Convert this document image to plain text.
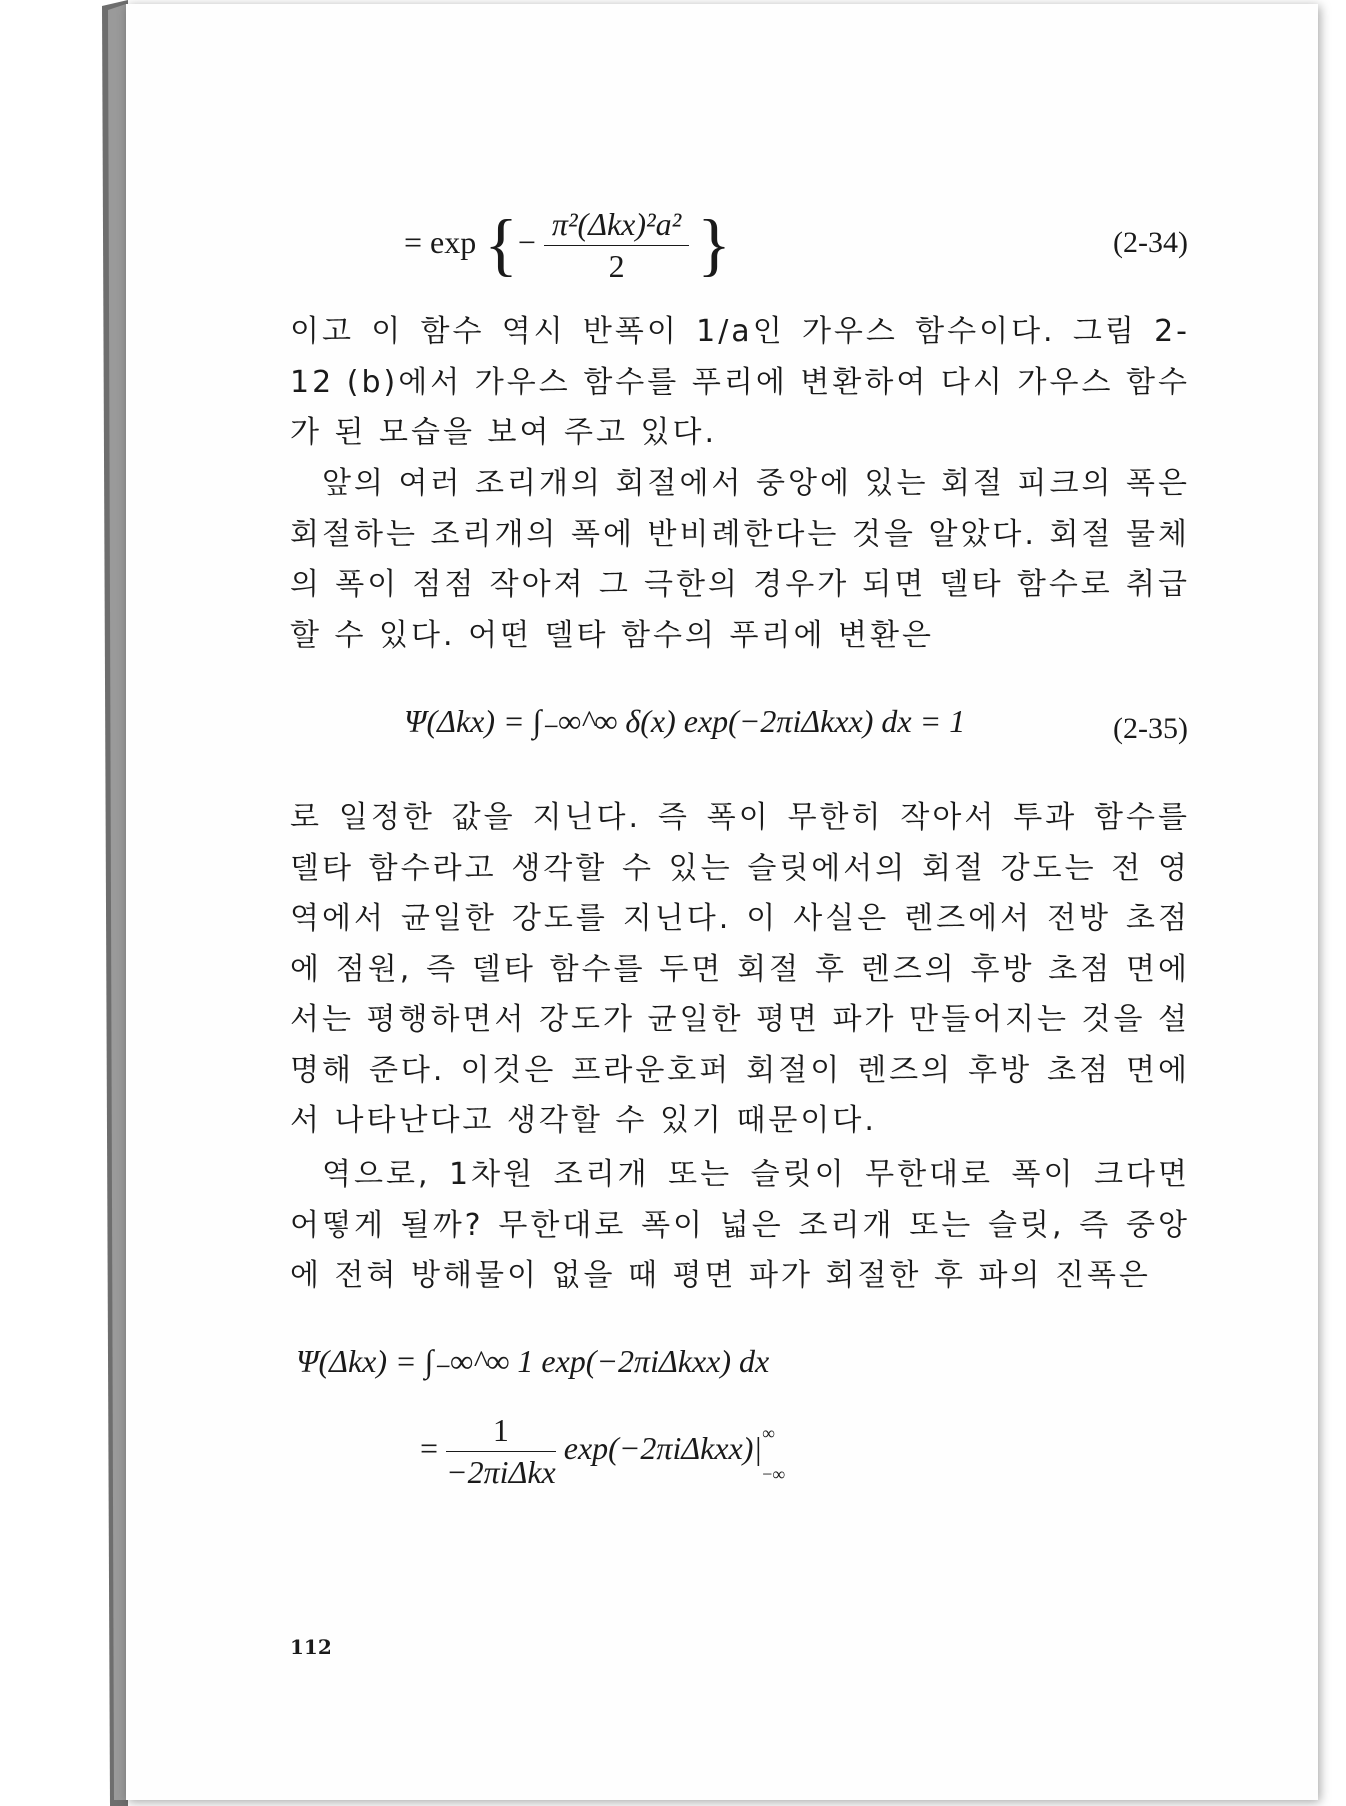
= exp {− $\frac{\text{π²(Δkx)²a²}}{2}$ }	(2-34)
이고 이 함수 역시 반폭이 1/a인 가우스 함수이다. 그림 2-12 (b)에서 가우스 함수를 푸리에 변환하여 다시 가우스 함수가 된 모습을 보여 주고 있다.
앞의 여러 조리개의 회절에서 중앙에 있는 회절 피크의 폭은 회절하는 조리개의 폭에 반비례한다는 것을 알았다. 회절 물체의 폭이 점점 작아져 그 극한의 경우가 되면 델타 함수로 취급할 수 있다. 어떤 델타 함수의 푸리에 변환은
Ψ(Δkx) = ∫₋∞^∞ δ(x) exp(−2πiΔkxx) dx = 1	(2-35)
로 일정한 값을 지닌다. 즉 폭이 무한히 작아서 투과 함수를 델타 함수라고 생각할 수 있는 슬릿에서의 회절 강도는 전 영역에서 균일한 강도를 지닌다. 이 사실은 렌즈에서 전방 초점에 점원, 즉 델타 함수를 두면 회절 후 렌즈의 후방 초점 면에서는 평행하면서 강도가 균일한 평면 파가 만들어지는 것을 설명해 준다. 이것은 프라운호퍼 회절이 렌즈의 후방 초점 면에서 나타난다고 생각할 수 있기 때문이다.
역으로, 1차원 조리개 또는 슬릿이 무한대로 폭이 크다면 어떻게 될까? 무한대로 폭이 넓은 조리개 또는 슬릿, 즉 중앙에 전혀 방해물이 없을 때 평면 파가 회절한 후 파의 진폭은
Ψ(Δkx) = ∫₋∞^∞ 1 exp(−2πiΔkxx) dx
= $\frac{1}{\text{−2πiΔkx}} \exp(-2\pi i\Delta kxx)|$ ∞
−∞
112
